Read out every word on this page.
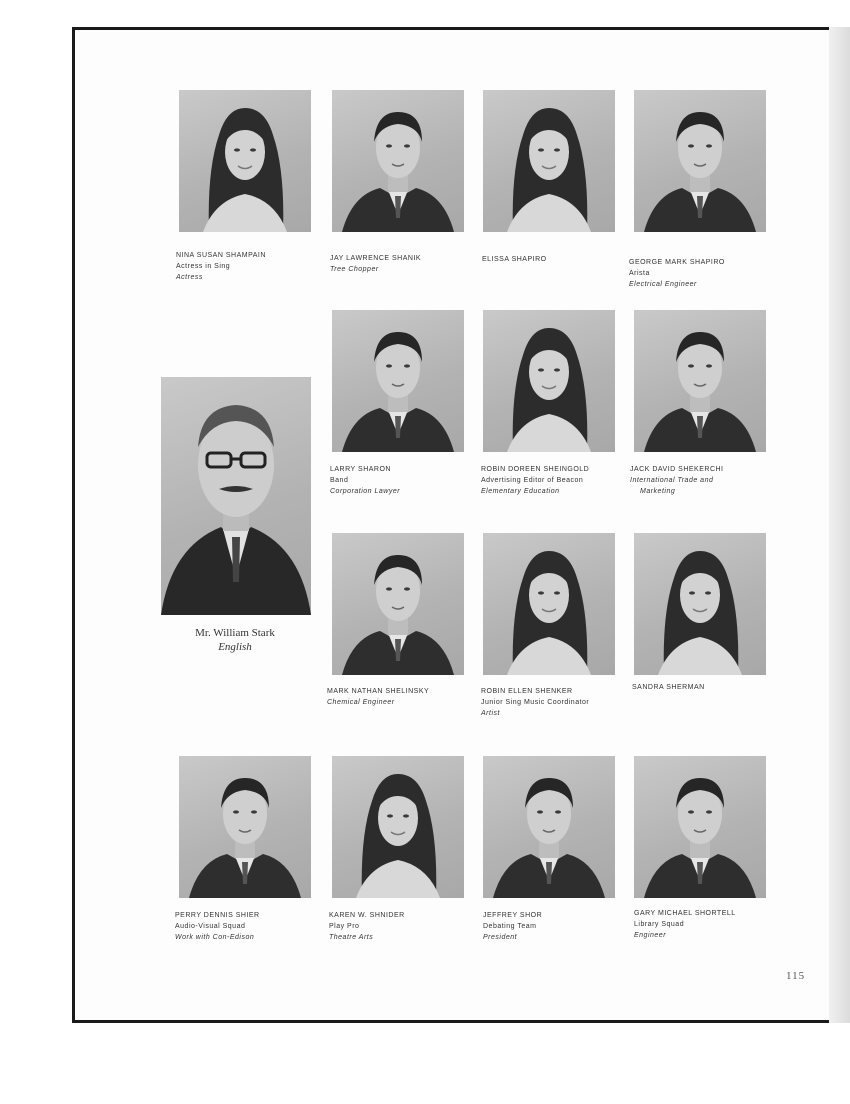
NINA SUSAN SHAMPAIN
Actress in Sing
Actress
JAY LAWRENCE SHANIK
Tree Chopper
ELISSA SHAPIRO	GEORGE MARK SHAPIRO
Arista
Electrical Engineer
Mr. William Stark
English
LARRY SHARON
Band
Corporation Lawyer
ROBIN DOREEN SHEINGOLD
Advertising Editor of Beacon
Elementary Education
JACK DAVID SHEKERCHI
International Trade and
Marketing
MARK NATHAN SHELINSKY
Chemical Engineer
ROBIN ELLEN SHENKER
Junior Sing Music Coordinator
Artist
SANDRA SHERMAN
PERRY DENNIS SHIER
Audio-Visual Squad
Work with Con-Edison
KAREN W. SHNIDER
Play Pro
Theatre Arts
JEFFREY SHOR
Debating Team
President
GARY MICHAEL SHORTELL
Library Squad
Engineer
115
